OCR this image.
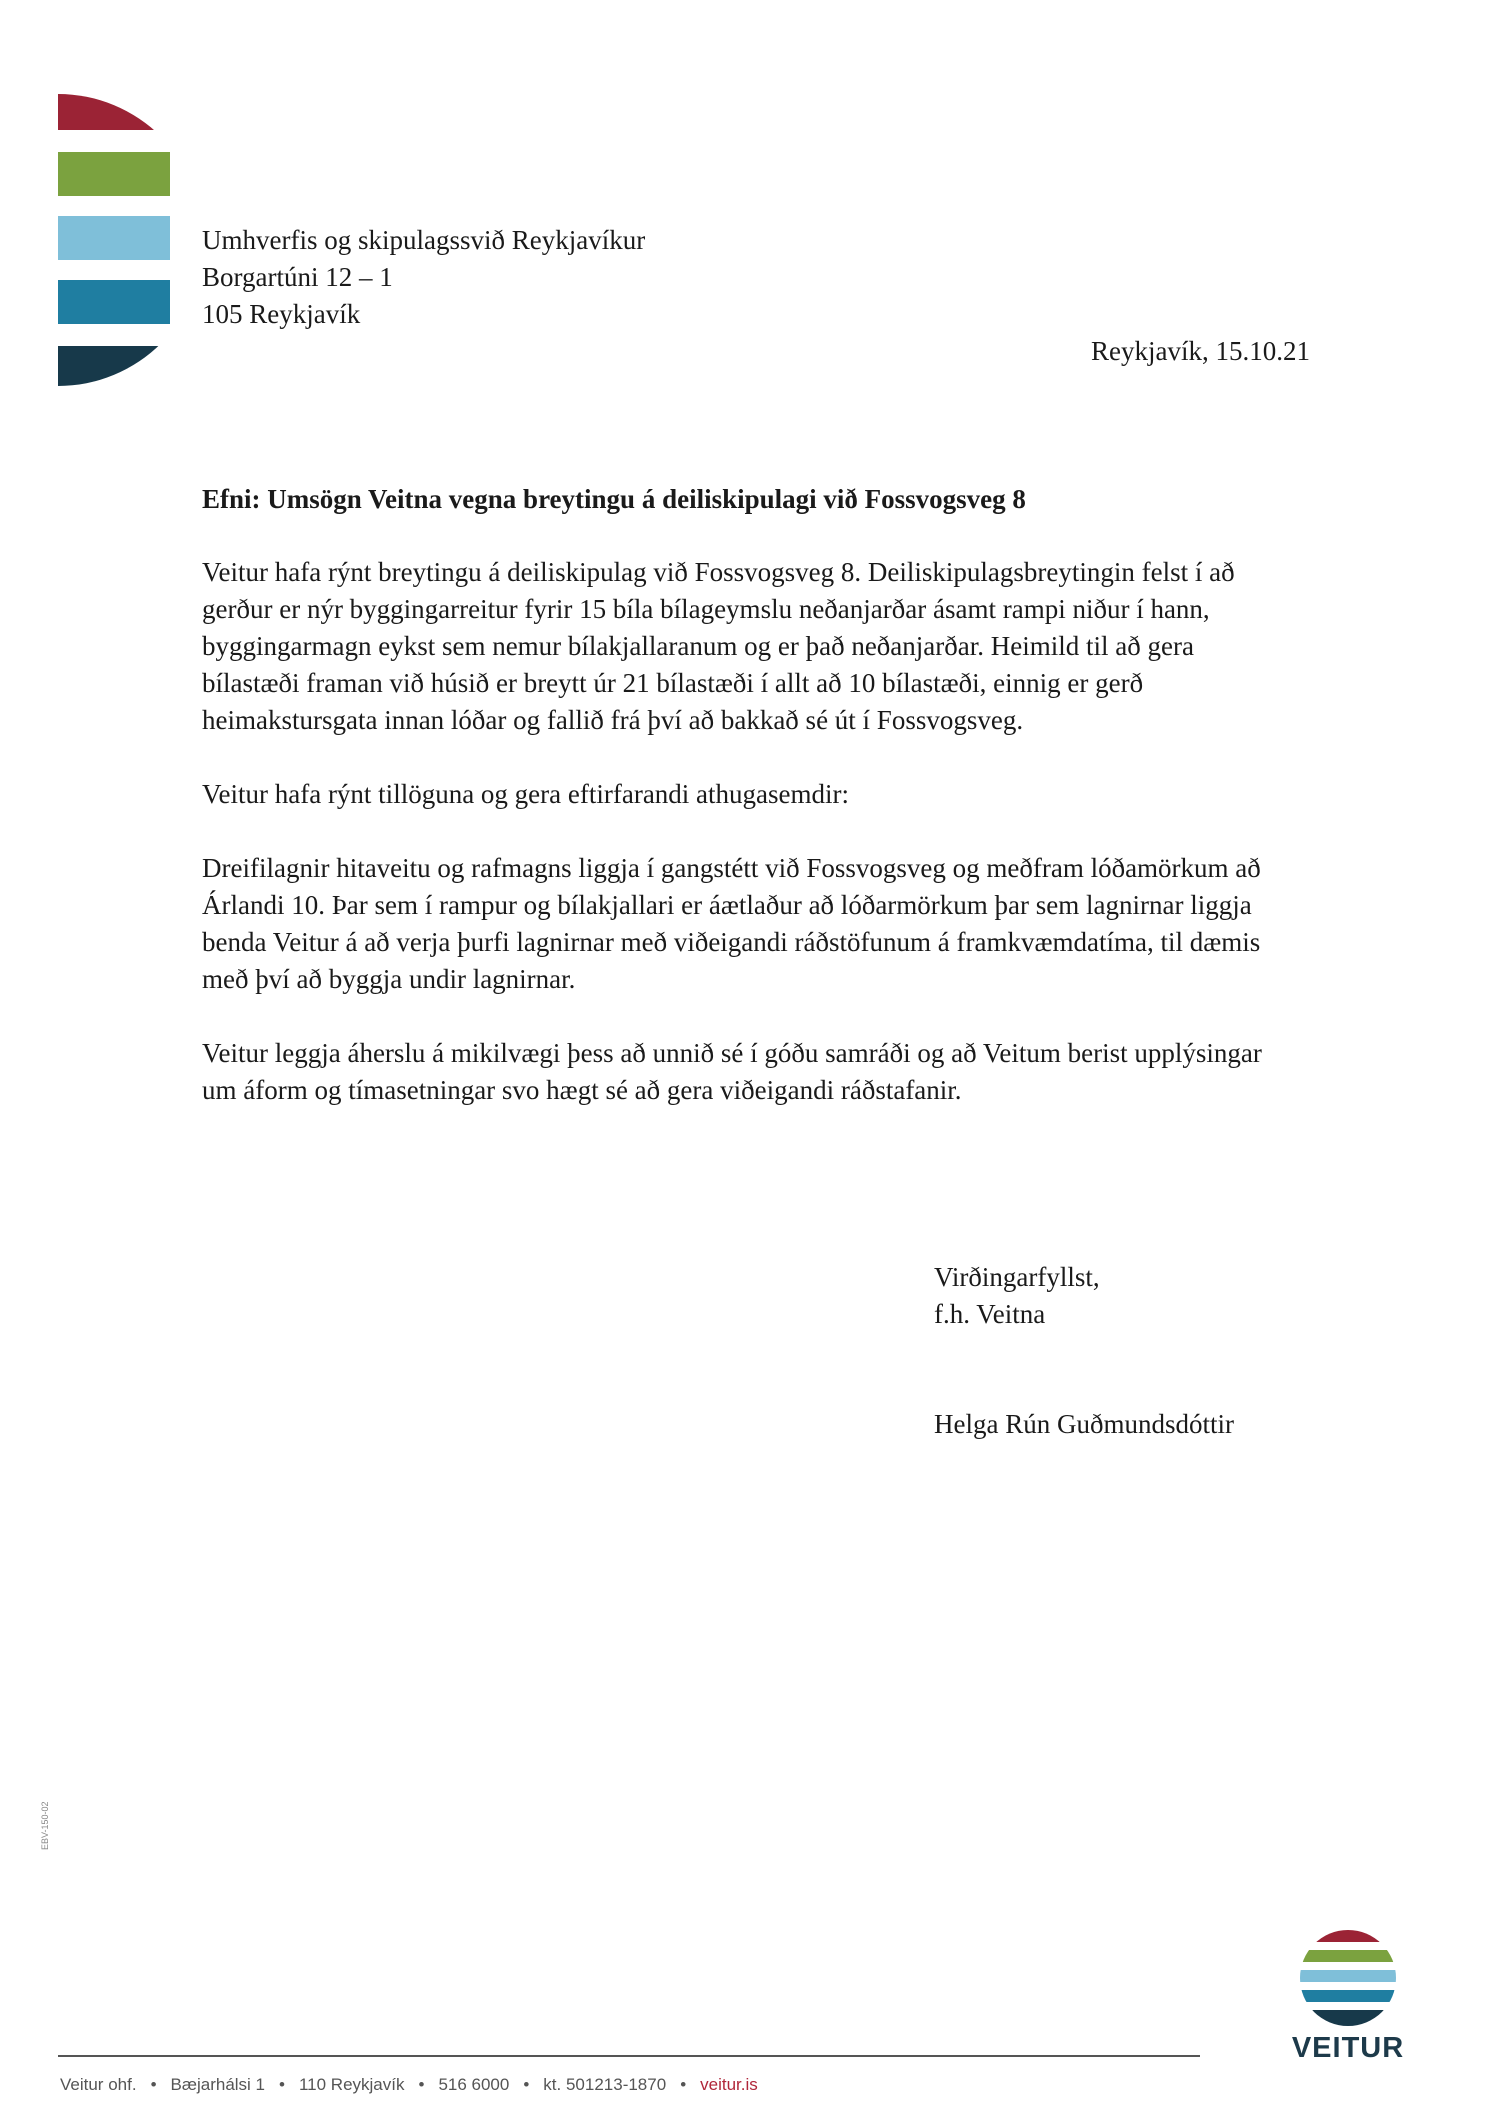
Umhverfis og skipulagssvið Reykjavíkur
Borgartúni 12 – 1
105 Reykjavík
Reykjavík, 15.10.21
Efni: Umsögn Veitna vegna breytingu á deiliskipulagi við Fossvogsveg 8

Veitur hafa rýnt breytingu á deiliskipulag við Fossvogsveg 8. Deiliskipulagsbreytingin felst í að
gerður er nýr byggingarreitur fyrir 15 bíla bílageymslu neðanjarðar ásamt rampi niður í hann,
byggingarmagn eykst sem nemur bílakjallaranum og er það neðanjarðar. Heimild til að gera
bílastæði framan við húsið er breytt úr 21 bílastæði í allt að 10 bílastæði, einnig er gerð
heimakstursgata innan lóðar og fallið frá því að bakkað sé út í Fossvogsveg.

Veitur hafa rýnt tillöguna og gera eftirfarandi athugasemdir:

Dreifilagnir hitaveitu og rafmagns liggja í gangstétt við Fossvogsveg og meðfram lóðamörkum að
Árlandi 10. Þar sem í rampur og bílakjallari er áætlaður að lóðarmörkum þar sem lagnirnar liggja
benda Veitur á að verja þurfi lagnirnar með viðeigandi ráðstöfunum á framkvæmdatíma, til dæmis
með því að byggja undir lagnirnar.

Veitur leggja áherslu á mikilvægi þess að unnið sé í góðu samráði og að Veitum berist upplýsingar
um áform og tímasetningar svo hægt sé að gera viðeigandi ráðstafanir.

Virðingarfyllst,
f.h. Veitna
Helga Rún Guðmundsdóttir
EBV-150-02
VEITUR
Veitur ohf. • Bæjarhálsi 1 • 110 Reykjavík • 516 6000 • kt. 501213-1870 • veitur.is
